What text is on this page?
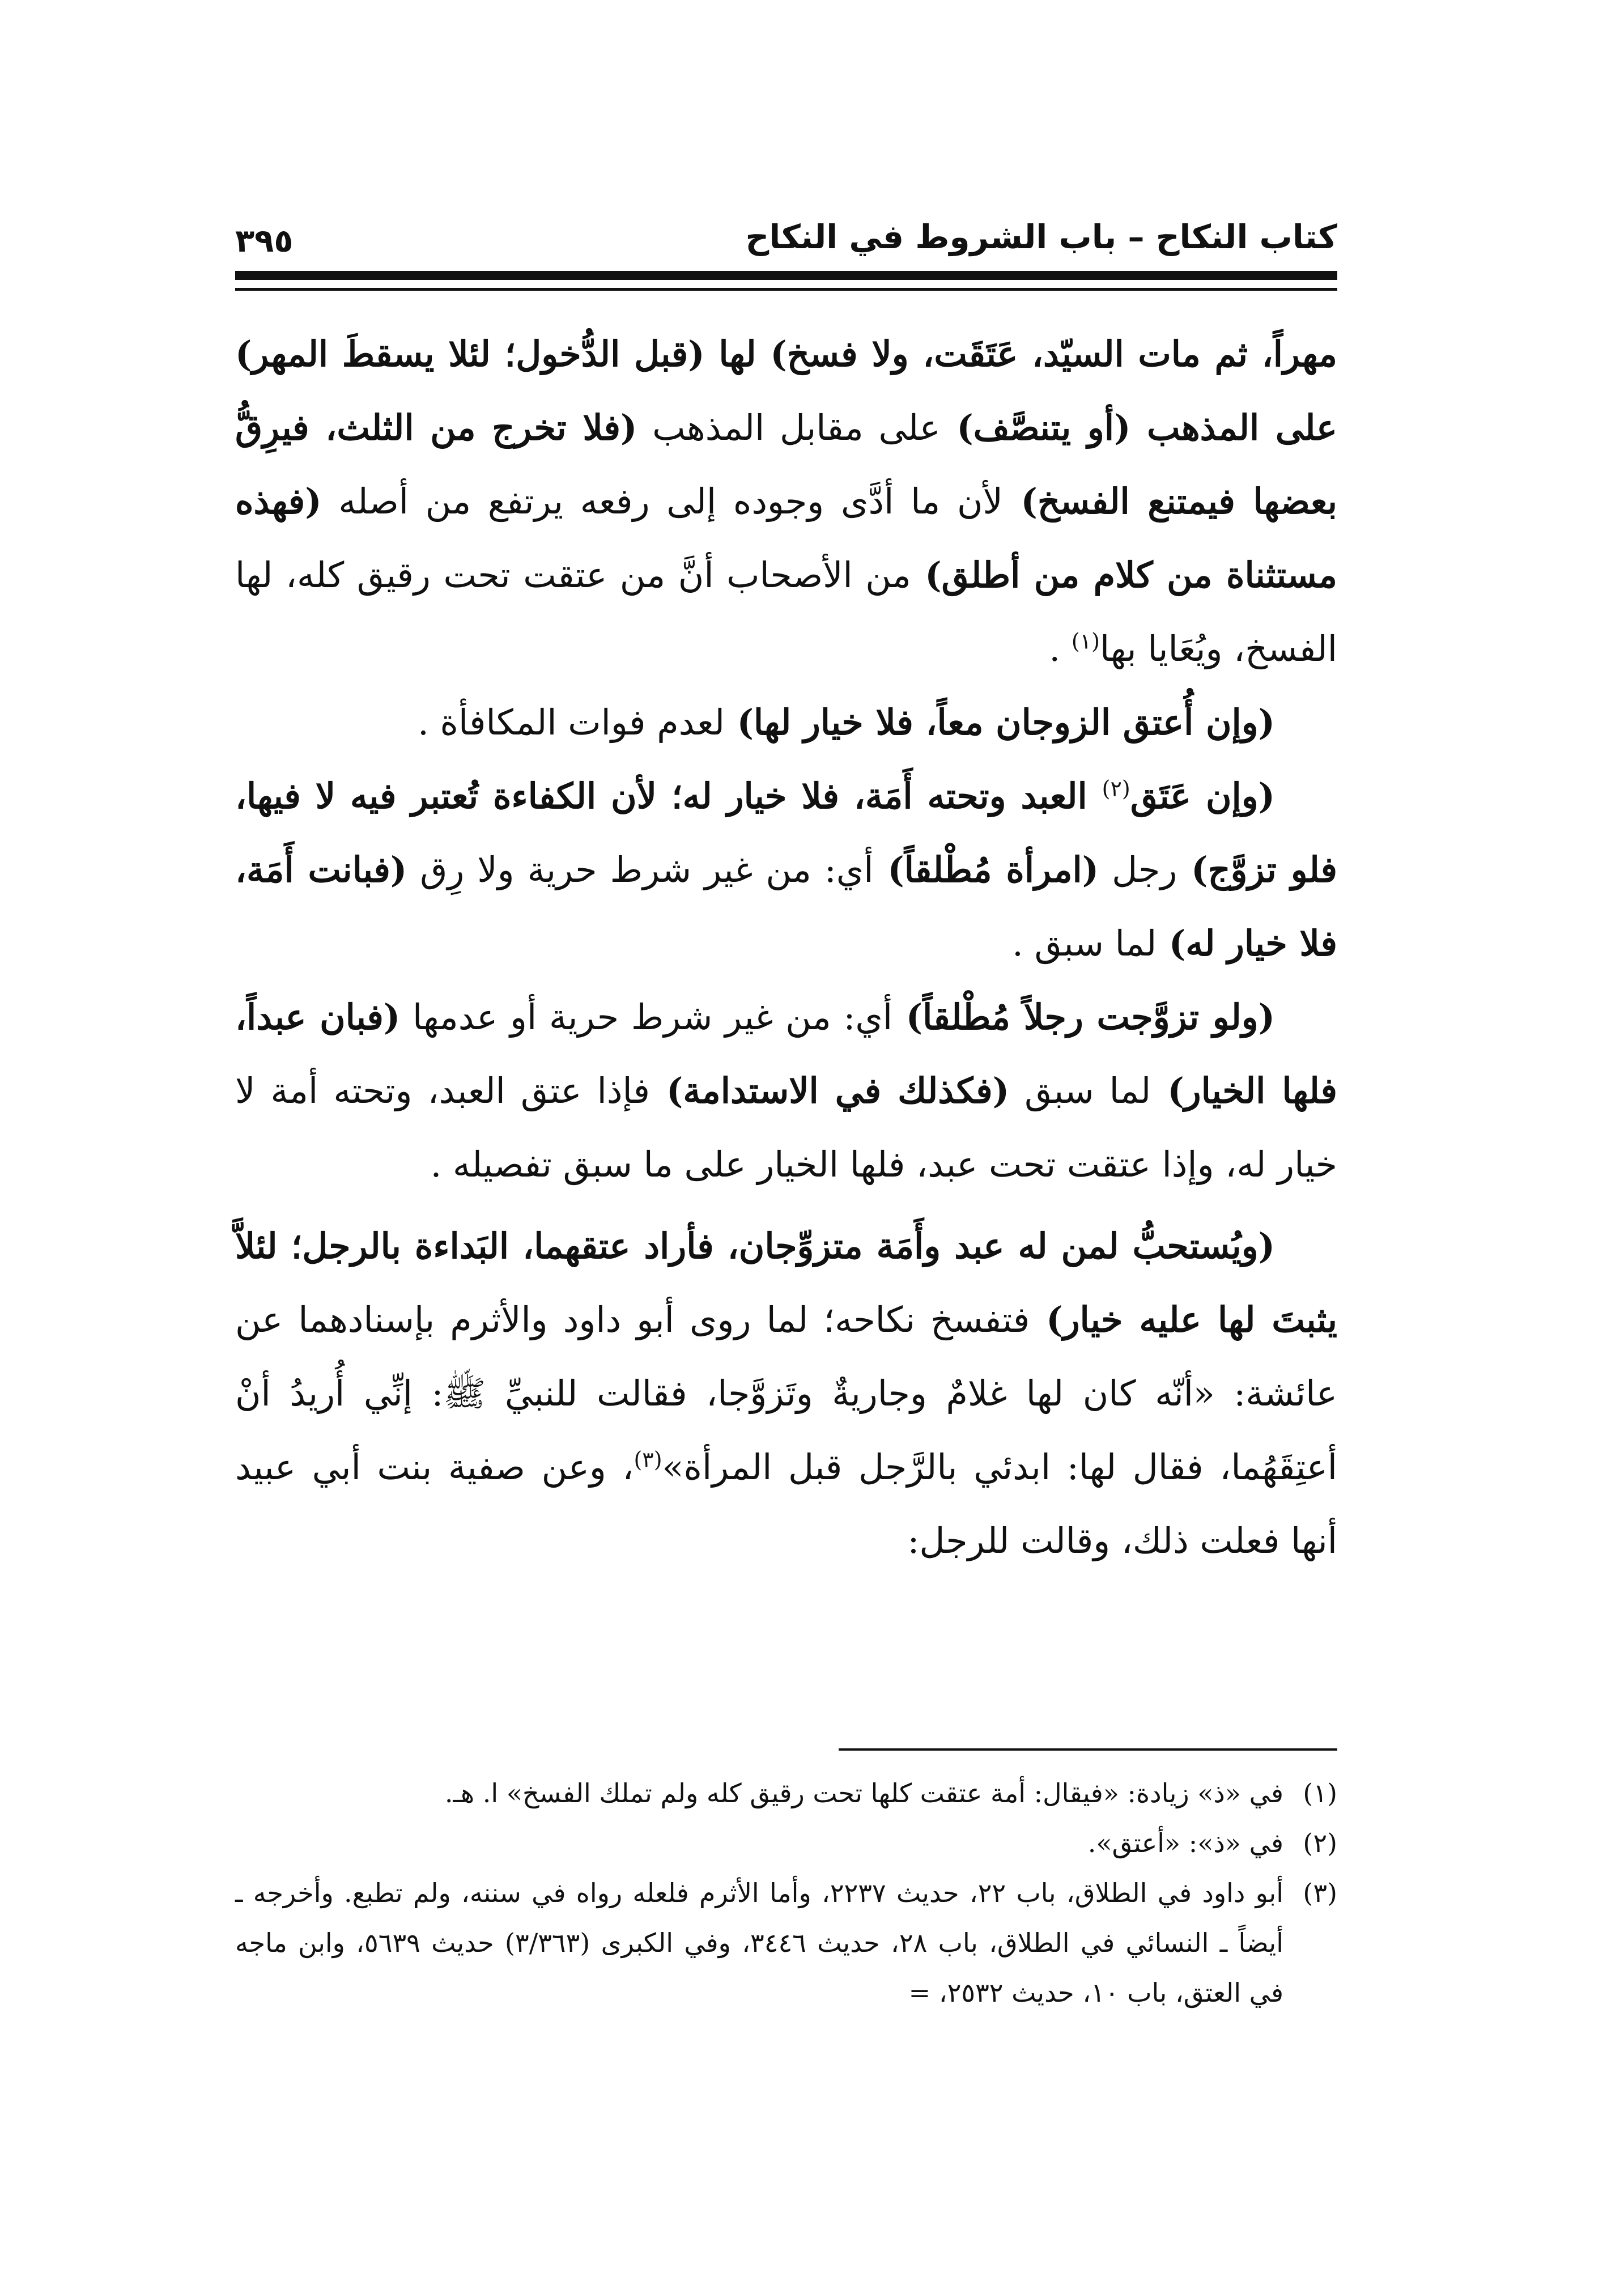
كتاب النكاح – باب الشروط في النكاح
٣٩٥

مهراً، ثم مات السيّد، عَتَقَت، ولا فسخ) لها (قبل الدُّخول؛ لئلا يسقطَ المهر) على المذهب (أو يتنصَّف) على مقابل المذهب (فلا تخرج من الثلث، فيرِقُّ بعضها فيمتنع الفسخ) لأن ما أدَّى وجوده إلى رفعه يرتفع من أصله (فهذه مستثناة من كلام من أطلق) من الأصحاب أنَّ من عتقت تحت رقيق كله، لها الفسخ، ويُعَايا بها$^{(١)}$ .

(وإن أُعتق الزوجان معاً، فلا خيار لها) لعدم فوات المكافأة .

(وإن عَتَق$^{(٢)}$ العبد وتحته أَمَة، فلا خيار له؛ لأن الكفاءة تُعتبر فيه لا فيها، فلو تزوَّج) رجل (امرأة مُطْلقاً) أي: من غير شرط حرية ولا رِق (فبانت أَمَة، فلا خيار له) لما سبق .

(ولو تزوَّجت رجلاً مُطْلقاً) أي: من غير شرط حرية أو عدمها (فبان عبداً، فلها الخيار) لما سبق (فكذلك في الاستدامة) فإذا عتق العبد، وتحته أمة لا خيار له، وإذا عتقت تحت عبد، فلها الخيار على ما سبق تفصيله .

(ويُستحبُّ لمن له عبد وأَمَة متزوِّجان، فأراد عتقهما، البَداءة بالرجل؛ لئلاَّ يثبتَ لها عليه خيار) فتفسخ نكاحه؛ لما روى أبو داود والأثرم بإسنادهما عن عائشة: «أنّه كان لها غلامٌ وجاريةٌ وتَزوَّجا، فقالت للنبيِّ ﷺ: إنِّي أُريدُ أنْ أعتِقَهُما، فقال لها: ابدئي بالرَّجل قبل المرأة»$^{(٣)}$، وعن صفية بنت أبي عبيد أنها فعلت ذلك، وقالت للرجل:

(١)
في «ذ» زيادة: «فيقال: أمة عتقت كلها تحت رقيق كله ولم تملك الفسخ» ا. هـ.

(٢)
في «ذ»: «أعتق».

(٣)
أبو داود في الطلاق، باب ٢٢، حديث ٢٢٣٧، وأما الأثرم فلعله رواه في سننه، ولم تطبع. وأخرجه ـ أيضاً ـ النسائي في الطلاق، باب ٢٨، حديث ٣٤٤٦، وفي الكبرى (٣/٣٦٣) حديث ٥٦٣٩، وابن ماجه في العتق، باب ١٠، حديث ٢٥٣٢، =
